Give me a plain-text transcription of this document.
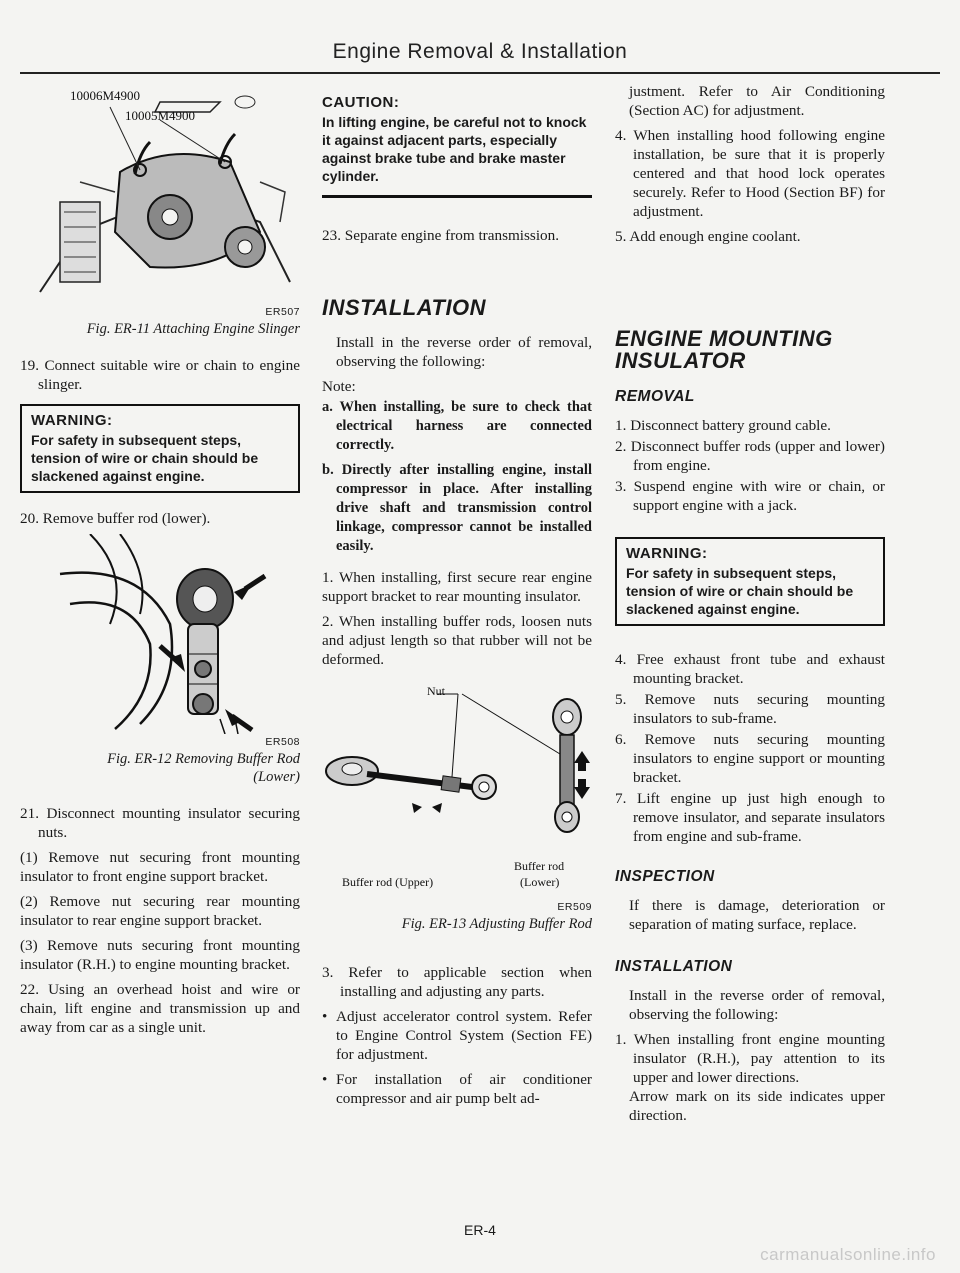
Engine Removal & Installation
10006M4900
10005M4900
ER507

Fig. ER-11 Attaching Engine Slinger

19. Connect suitable wire or chain to engine slinger.

WARNING:
For safety in subsequent steps, tension of wire or chain should be slackened against engine.

20. Remove buffer rod (lower).

ER508

Fig. ER-12 Removing Buffer Rod

(Lower)

21. Disconnect mounting insulator securing nuts.

(1) Remove nut securing front mounting insulator to front engine support bracket.

(2) Remove nut securing rear mounting insulator to rear engine support bracket.

(3) Remove nuts securing front mounting insulator (R.H.) to engine mounting bracket.

22. Using an overhead hoist and wire or chain, lift engine and transmission up and away from car as a single unit.

CAUTION:
In lifting engine, be careful not to knock it against adjacent parts, especially against brake tube and brake master cylinder.

23. Separate engine from transmission.

INSTALLATION

Install in the reverse order of removal, observing the following:

Note:

a. When installing, be sure to check that electrical harness are connected correctly.

b. Directly after installing engine, install compressor in place. After installing drive shaft and transmission control linkage, compressor cannot be installed easily.

1. When installing, first secure rear engine support bracket to rear mounting insulator.

2. When installing buffer rods, loosen nuts and adjust length so that rubber will not be deformed.

Nut
Buffer rod (Upper)
Buffer rod
(Lower)
ER509

Fig. ER-13 Adjusting Buffer Rod

3. Refer to applicable section when installing and adjusting any parts.

• Adjust accelerator control system. Refer to Engine Control System (Section FE) for adjustment.

• For installation of air conditioner compressor and air pump belt ad-

justment. Refer to Air Conditioning (Section AC) for adjustment.

4. When installing hood following engine installation, be sure that it is properly centered and that hood lock operates securely. Refer to Hood (Section BF) for adjustment.

5. Add enough engine coolant.

ENGINE MOUNTING
INSULATOR
REMOVAL

1. Disconnect battery ground cable.

2. Disconnect buffer rods (upper and lower) from engine.

3. Suspend engine with wire or chain, or support engine with a jack.

WARNING:
For safety in subsequent steps, tension of wire or chain should be slackened against engine.

4. Free exhaust front tube and exhaust mounting bracket.

5. Remove nuts securing mounting insulators to sub-frame.

6. Remove nuts securing mounting insulators to engine support or mounting bracket.

7. Lift engine up just high enough to remove insulator, and separate insulators from engine and sub-frame.

INSPECTION

If there is damage, deterioration or separation of mating surface, replace.

INSTALLATION

Install in the reverse order of removal, observing the following:

1. When installing front engine mounting insulator (R.H.), pay attention to its upper and lower directions.

Arrow mark on its side indicates upper direction.

ER-4
carmanualsonline.info
